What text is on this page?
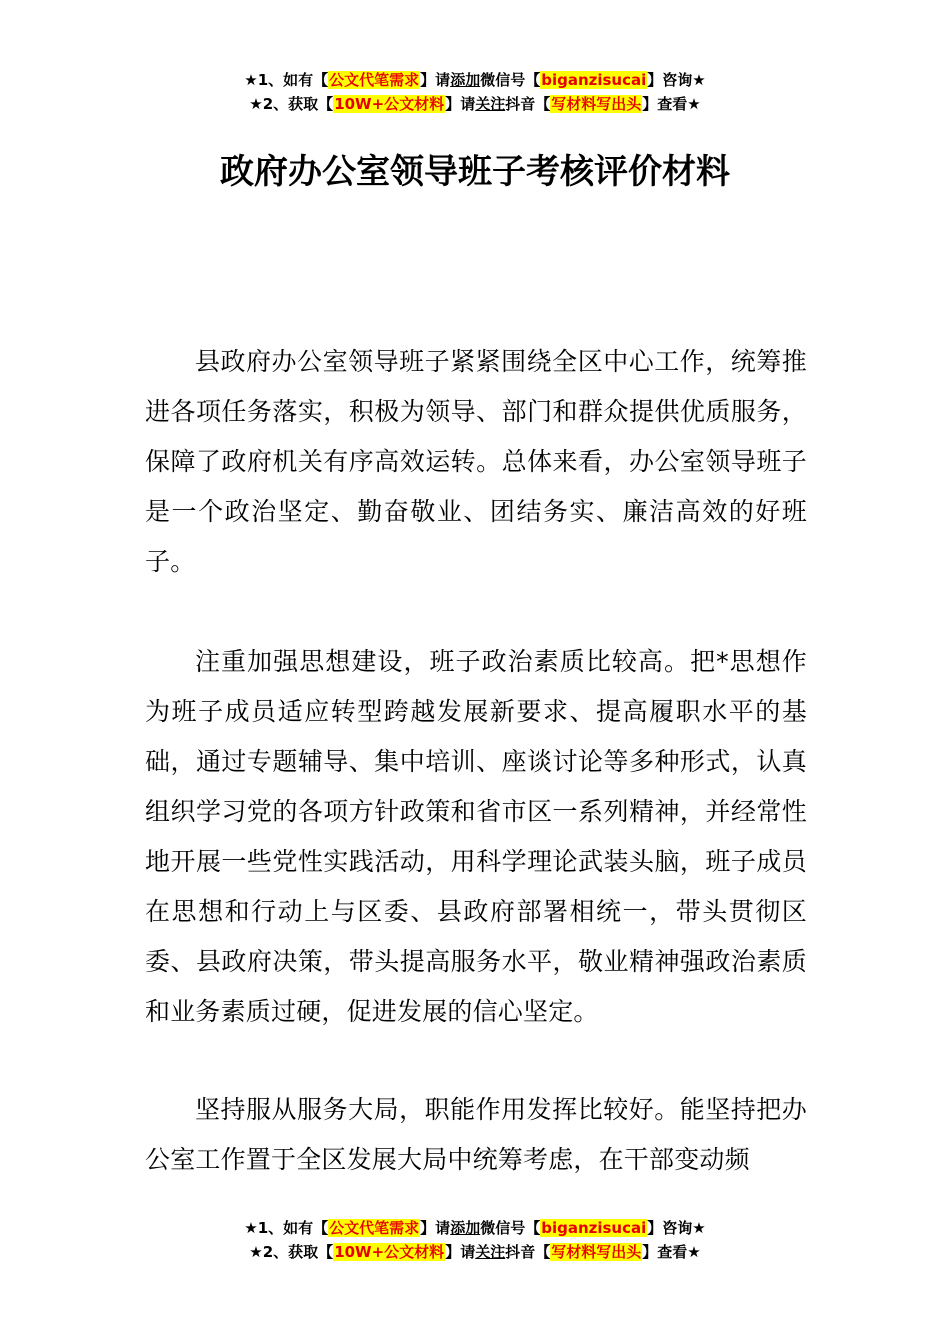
★1、如有【公文代笔需求】请添加微信号【biganzisucai】咨询★
★2、获取【10W+公文材料】请关注抖音【写材料写出头】查看★
政府办公室领导班子考核评价材料

县政府办公室领导班子紧紧围绕全区中心工作，统筹推进各项任务落实，积极为领导、部门和群众提供优质服务，保障了政府机关有序高效运转。总体来看，办公室领导班子是一个政治坚定、勤奋敬业、团结务实、廉洁高效的好班子。

注重加强思想建设，班子政治素质比较高。把*思想作为班子成员适应转型跨越发展新要求、提高履职水平的基础，通过专题辅导、集中培训、座谈讨论等多种形式，认真组织学习党的各项方针政策和省市区一系列精神，并经常性地开展一些党性实践活动，用科学理论武装头脑，班子成员在思想和行动上与区委、县政府部署相统一，带头贯彻区委、县政府决策，带头提高服务水平，敬业精神强政治素质和业务素质过硬，促进发展的信心坚定。

坚持服从服务大局，职能作用发挥比较好。能坚持把办公室工作置于全区发展大局中统筹考虑，在干部变动频

★1、如有【公文代笔需求】请添加微信号【biganzisucai】咨询★
★2、获取【10W+公文材料】请关注抖音【写材料写出头】查看★
